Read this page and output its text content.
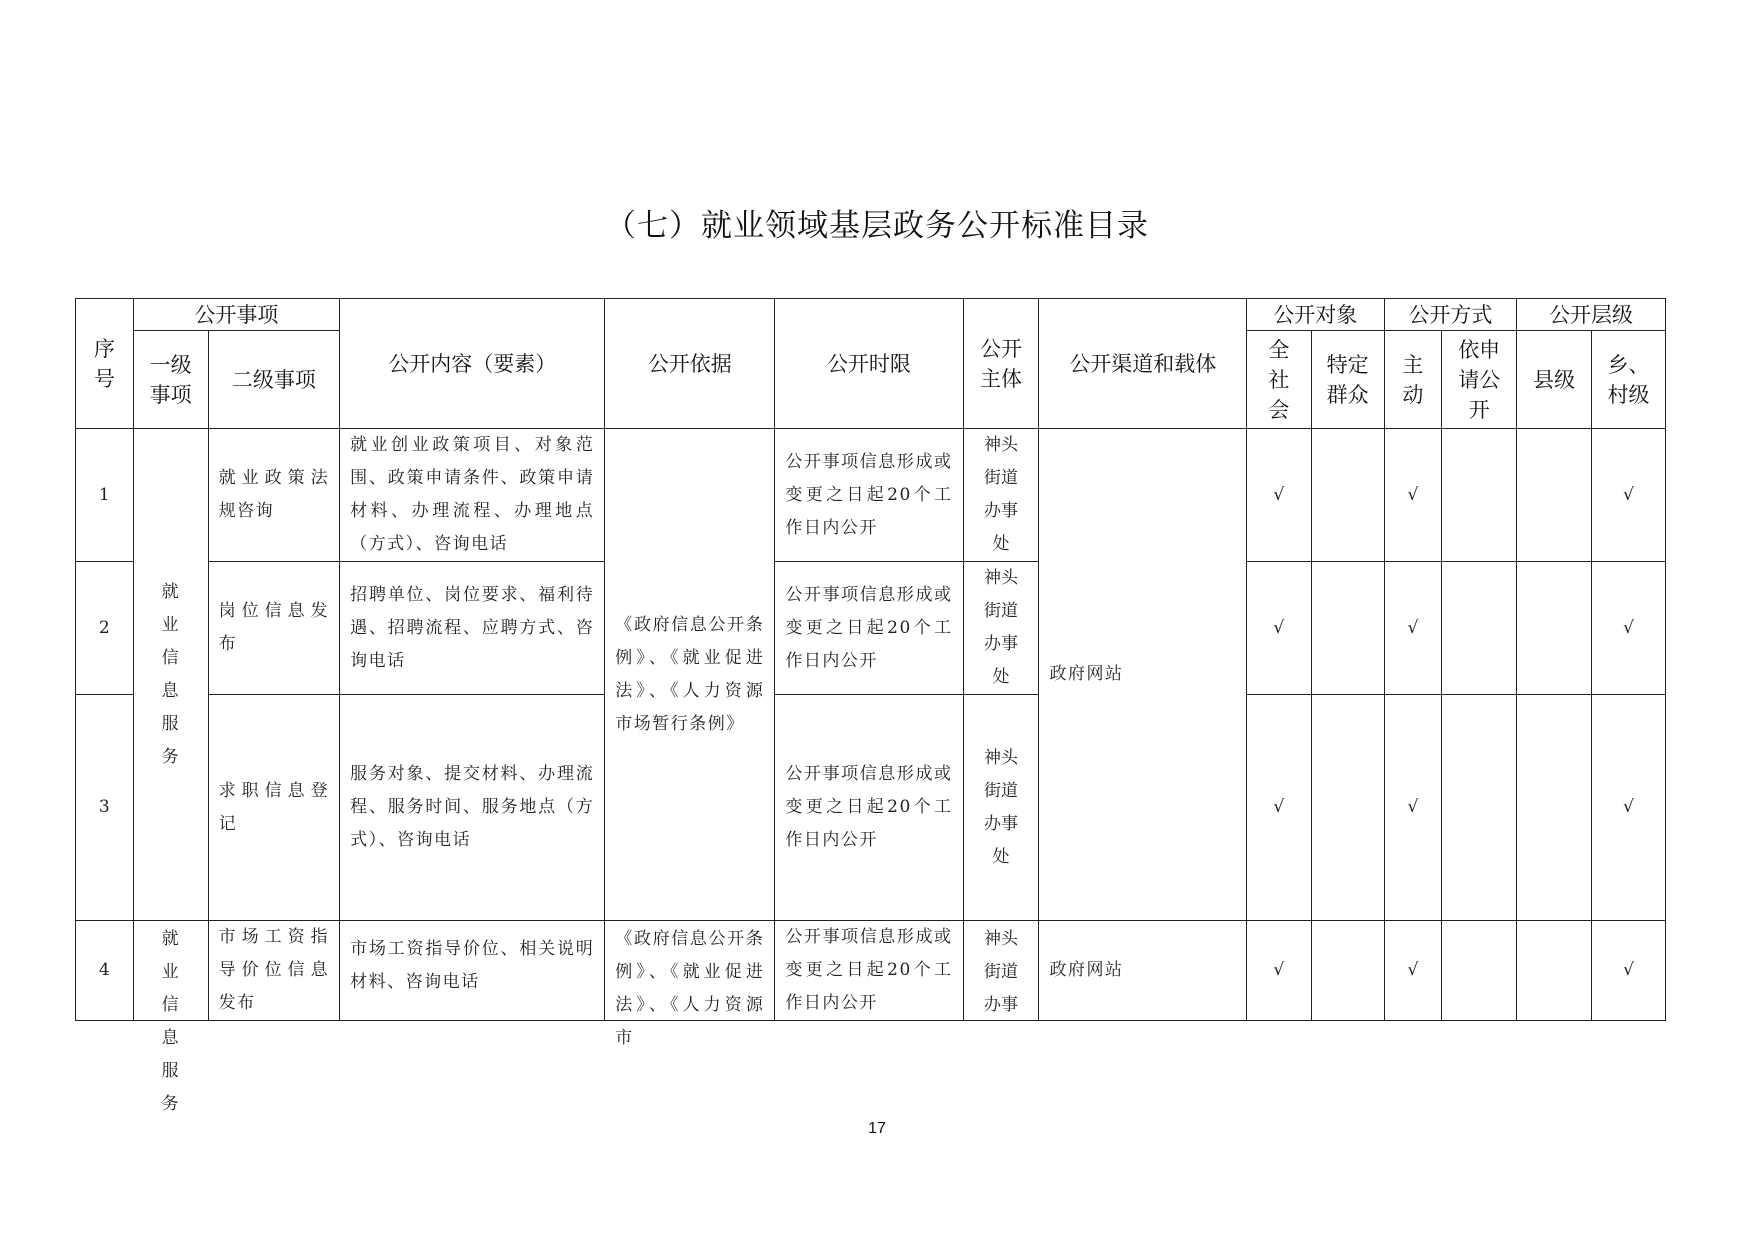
（七）就业领域基层政务公开标准目录
序号	公开事项		公开内容（要素）	公开依据	公开时限	公开主体	公开渠道和载体	公开对象		公开方式		公开层级	

	一级事项	二级事项						全社会	特定群众	主动	依申请公开	县级	乡、村级

1	就业信息服务	就业政策法规咨询	就业创业政策项目、对象范围、政策申请条件、政策申请材料、办理流程、办理地点（方式）、咨询电话	《政府信息公开条例》、《就业促进法》、《人力资源市场暂行条例》	公开事项信息形成或变更之日起20个工作日内公开	神头街道办事处	政府网站	√		√			√
2		岗位信息发布	招聘单位、岗位要求、福利待遇、招聘流程、应聘方式、咨询电话		公开事项信息形成或变更之日起20个工作日内公开	神头街道办事处		√		√			√
3		求职信息登记	服务对象、提交材料、办理流程、服务时间、服务地点（方式）、咨询电话		公开事项信息形成或变更之日起20个工作日内公开	神头街道办事处		√		√			√
4	就业信息服务	市场工资指导价位信息发布	市场工资指导价位、相关说明材料、咨询电话	《政府信息公开条例》、《就业促进法》、《人力资源市	公开事项信息形成或变更之日起20个工作日内公开	神头街道办事	政府网站	√		√			√
17
